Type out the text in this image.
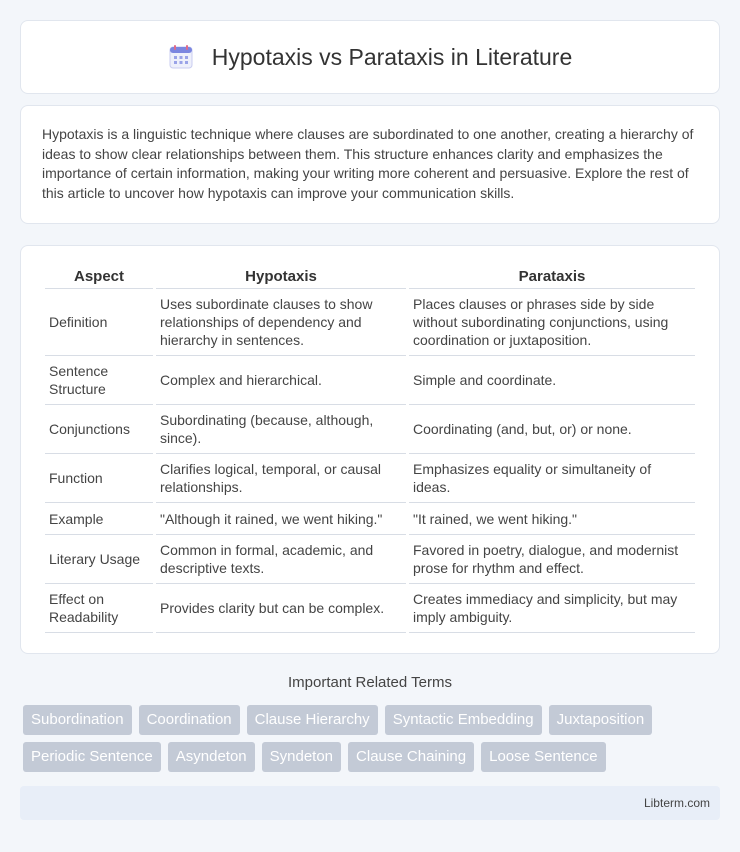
Hypotaxis vs Parataxis in Literature

Hypotaxis is a linguistic technique where clauses are subordinated to one another, creating a hierarchy of ideas to show clear relationships between them. This structure enhances clarity and emphasizes the importance of certain information, making your writing more coherent and persuasive. Explore the rest of this article to uncover how hypotaxis can improve your communication skills.

Aspect	Hypotaxis	Parataxis
Definition	Uses subordinate clauses to show relationships of dependency and hierarchy in sentences.	Places clauses or phrases side by side without subordinating conjunctions, using coordination or juxtaposition.
Sentence Structure	Complex and hierarchical.	Simple and coordinate.
Conjunctions	Subordinating (because, although, since).	Coordinating (and, but, or) or none.
Function	Clarifies logical, temporal, or causal relationships.	Emphasizes equality or simultaneity of ideas.
Example	"Although it rained, we went hiking."	"It rained, we went hiking."
Literary Usage	Common in formal, academic, and descriptive texts.	Favored in poetry, dialogue, and modernist prose for rhythm and effect.
Effect on Readability	Provides clarity but can be complex.	Creates immediacy and simplicity, but may imply ambiguity.
Important Related Terms
Subordination	Coordination	Clause Hierarchy	Syntactic Embedding	Juxtaposition
Periodic Sentence	Asyndeton	Syndeton	Clause Chaining	Loose Sentence
Libterm.com
